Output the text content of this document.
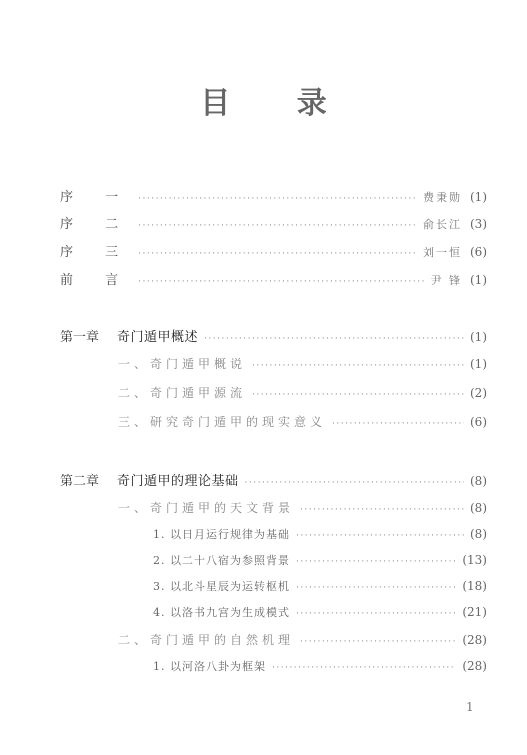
目 录
序 一 ·····	费秉勋 (1)
序 二 ·····	俞长江 (3)
序 三 ·····	刘一恒 (6)
前 言 ·····	尹 锋 (1)
第一章 奇门遁甲概述 ·····	(1)
一、奇门遁甲概说 ·····	(1)
二、奇门遁甲源流 ·····	(2)
三、研究奇门遁甲的现实意义 ·····	(6)
第二章 奇门遁甲的理论基础 ·····	(8)
一、奇门遁甲的天文背景 ·····	(8)
1. 以日月运行规律为基础 ·····	(8)
2. 以二十八宿为参照背景 ·····	(13)
3. 以北斗星辰为运转枢机 ·····	(18)
4. 以洛书九宫为生成模式 ·····	(21)
二、奇门遁甲的自然机理 ·····	(28)
1. 以河洛八卦为框架 ·····	(28)
1
